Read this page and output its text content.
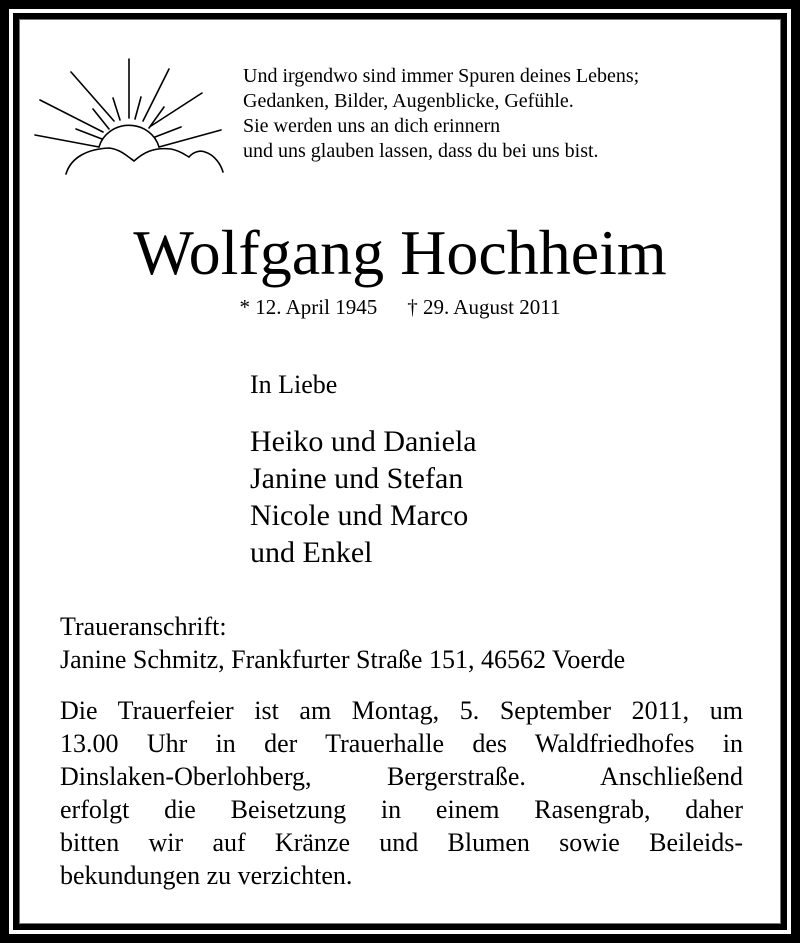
Und irgendwo sind immer Spuren deines Lebens;
Gedanken, Bilder, Augenblicke, Gefühle.
Sie werden uns an dich erinnern
und uns glauben lassen, dass du bei uns bist.
Wolfgang Hochheim
* 12. April 1945 † 29. August 2011
In Liebe
Heiko und Daniela
Janine und Stefan
Nicole und Marco
und Enkel
Traueranschrift:
Janine Schmitz, Frankfurter Straße 151, 46562 Voerde
Die Trauerfeier ist am Montag, 5. September 2011, um
13.00 Uhr in der Trauerhalle des Waldfriedhofes in
Dinslaken-Oberlohberg, Bergerstraße. Anschließend
erfolgt die Beisetzung in einem Rasengrab, daher
bitten wir auf Kränze und Blumen sowie Beileids-
bekundungen zu verzichten.
